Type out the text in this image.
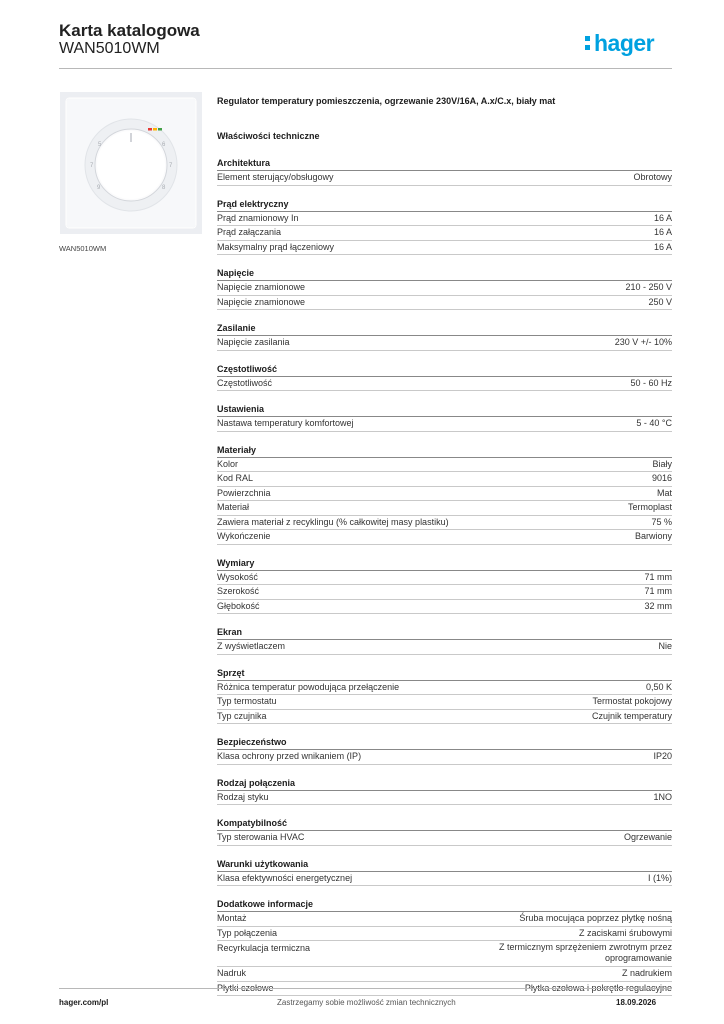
Karta katalogowa
WAN5010WM	hager
5
7
9
6
7
8
WAN5010WM

Regulator temperatury pomieszczenia, ogrzewanie 230V/16A, A.x/C.x, biały mat

Właściwości techniczne
Architektura
Element sterujący/obsługowy	Obrotowy
Prąd elektryczny
Prąd znamionowy In	16 A
Prąd załączania	16 A
Maksymalny prąd łączeniowy	16 A
Napięcie
Napięcie znamionowe	210 - 250 V
Napięcie znamionowe	250 V
Zasilanie
Napięcie zasilania	230 V +/- 10%
Częstotliwość
Częstotliwość	50 - 60 Hz
Ustawienia
Nastawa temperatury komfortowej	5 - 40 °C
Materiały
Kolor	Biały
Kod RAL	9016
Powierzchnia	Mat
Materiał	Termoplast
Zawiera materiał z recyklingu (% całkowitej masy plastiku)	75 %
Wykończenie	Barwiony
Wymiary
Wysokość	71 mm
Szerokość	71 mm
Głębokość	32 mm
Ekran
Z wyświetlaczem	Nie
Sprzęt
Różnica temperatur powodująca przełączenie	0,50 K
Typ termostatu	Termostat pokojowy
Typ czujnika	Czujnik temperatury
Bezpieczeństwo
Klasa ochrony przed wnikaniem (IP)	IP20
Rodzaj połączenia
Rodzaj styku	1NO
Kompatybilność
Typ sterowania HVAC	Ogrzewanie
Warunki użytkowania
Klasa efektywności energetycznej	I (1%)
Dodatkowe informacje
Montaż	Śruba mocująca poprzez płytkę nośną
Typ połączenia	Z zaciskami śrubowymi
Recyrkulacja termiczna	Z termicznym sprzężeniem zwrotnym przez oprogramowanie
Nadruk	Z nadrukiem
Płytki czołowe	Płytka czołowa i pokrętło regulacyjne
hager.com/pl	Zastrzegamy sobie możliwość zmian technicznych	18.09.2026
